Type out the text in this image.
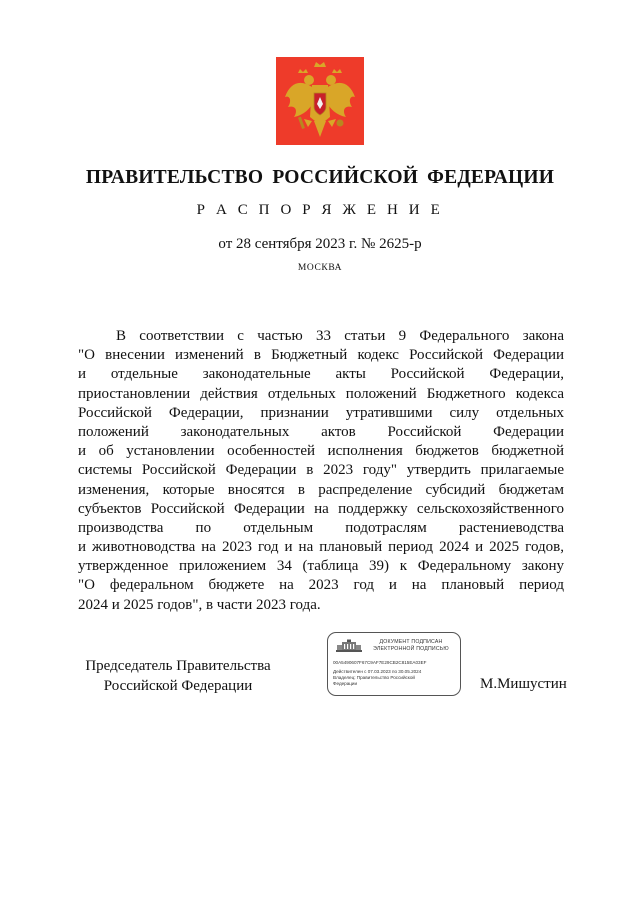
ПРАВИТЕЛЬСТВО РОССИЙСКОЙ ФЕДЕРАЦИИ
Р А С П О Р Я Ж Е Н И Е
от 28 сентября 2023 г. № 2625-р
МОСКВА
В соответствии с частью 33 статьи 9 Федерального закона
"О внесении изменений в Бюджетный кодекс Российской Федерации
и отдельные законодательные акты Российской Федерации,
приостановлении действия отдельных положений Бюджетного кодекса
Российской Федерации, признании утратившими силу отдельных
положений законодательных актов Российской Федерации
и об установлении особенностей исполнения бюджетов бюджетной
системы Российской Федерации в 2023 году" утвердить прилагаемые
изменения, которые вносятся в распределение субсидий бюджетам
субъектов Российской Федерации на поддержку сельскохозяйственного
производства по отдельным подотраслям растениеводства
и животноводства на 2023 год и на плановый период 2024 и 2025 годов,
утвержденное приложением 34 (таблица 39) к Федеральному закону
"О федеральном бюджете на 2023 год и на плановый период
2024 и 2025 годов", в части 2023 года.
Председатель Правительства
Российской Федерации
ДОКУМЕНТ ПОДПИСАН
ЭЛЕКТРОННОЙ ПОДПИСЬЮ
00A5490607F67C9AF7E29CB2C815EA03EF
Действителен с 07.03.2023 по 30.05.2024
Владелец: Правительство Российской
Федерации	М.Мишустин
